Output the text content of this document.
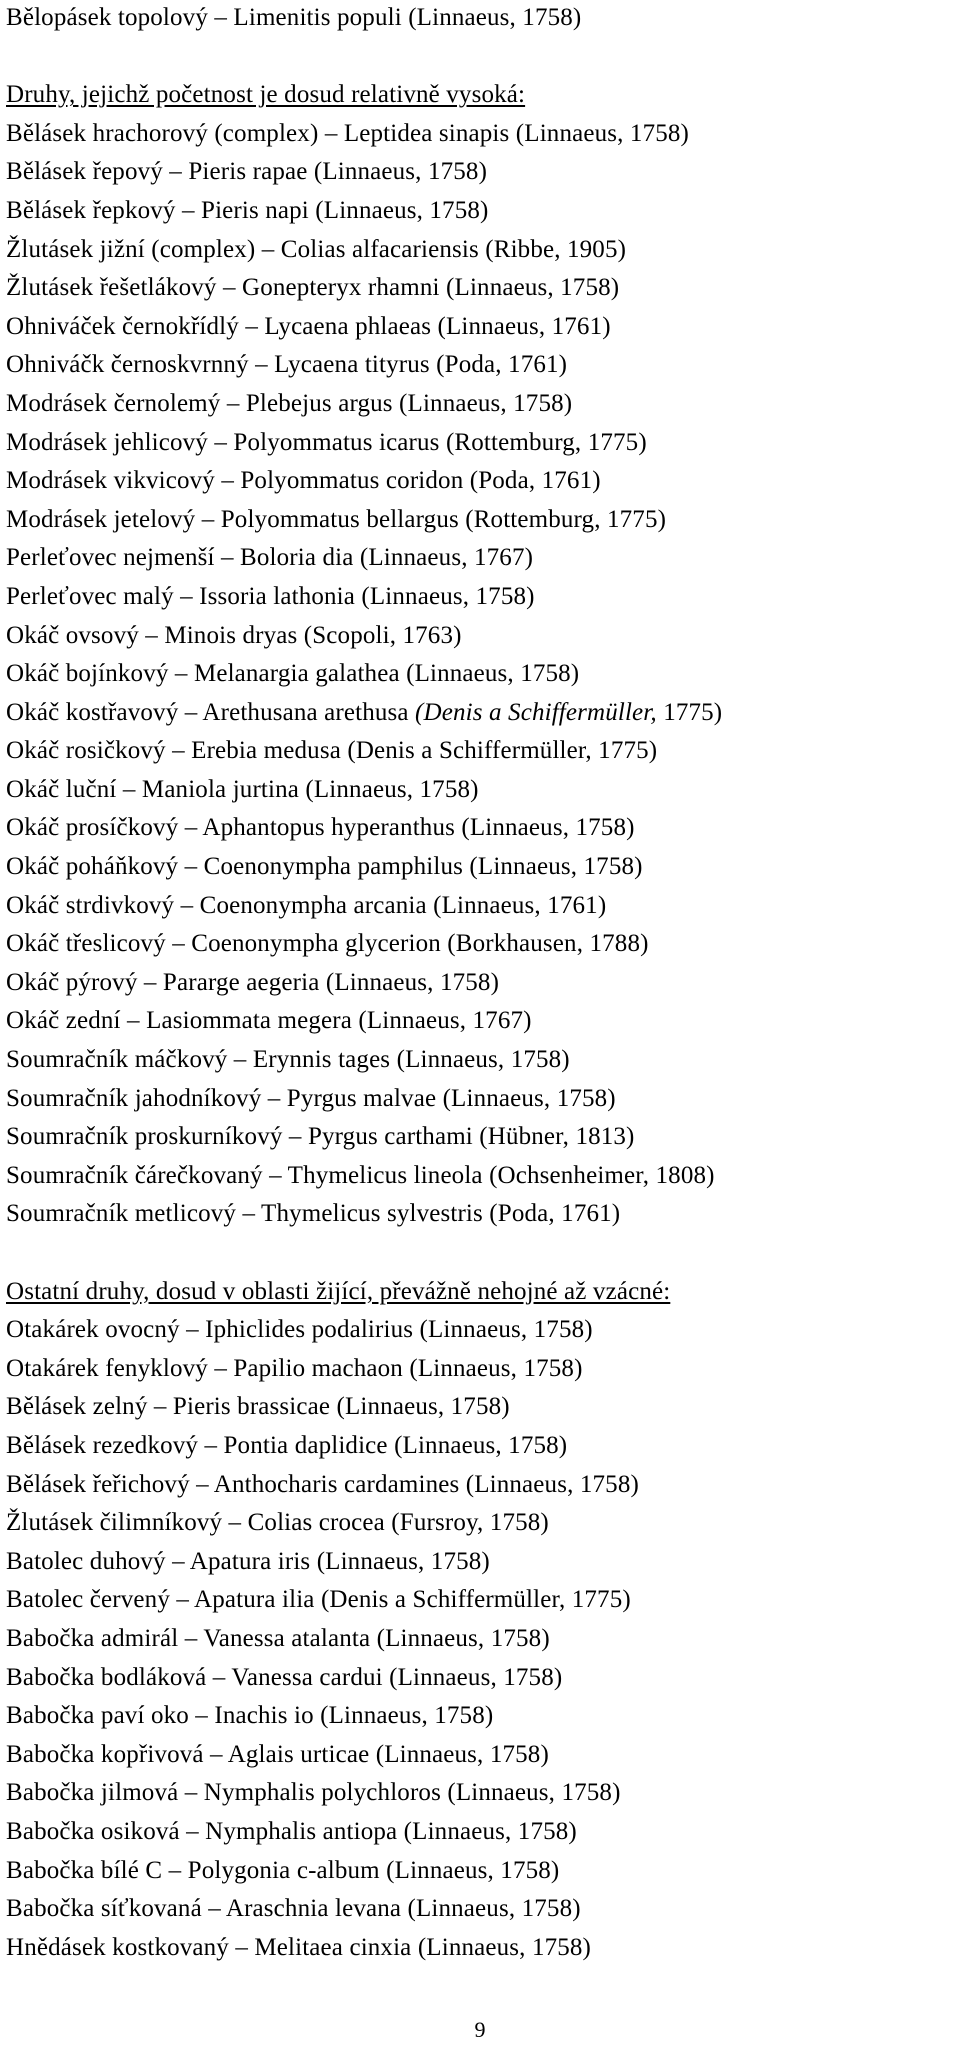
Bělopásek topolový – Limenitis populi (Linnaeus, 1758)
Druhy, jejichž početnost je dosud relativně vysoká:
Bělásek hrachorový (complex) – Leptidea sinapis (Linnaeus, 1758)
Bělásek řepový – Pieris rapae (Linnaeus, 1758)
Bělásek řepkový – Pieris napi (Linnaeus, 1758)
Žlutásek jižní (complex) – Colias alfacariensis (Ribbe, 1905)
Žlutásek řešetlákový – Gonepteryx rhamni (Linnaeus, 1758)
Ohniváček černokřídlý – Lycaena phlaeas (Linnaeus, 1761)
Ohniváčk černoskvrnný – Lycaena tityrus (Poda, 1761)
Modrásek černolemý – Plebejus argus (Linnaeus, 1758)
Modrásek jehlicový – Polyommatus icarus (Rottemburg, 1775)
Modrásek vikvicový – Polyommatus coridon (Poda, 1761)
Modrásek jetelový – Polyommatus bellargus (Rottemburg, 1775)
Perleťovec nejmenší – Boloria dia (Linnaeus, 1767)
Perleťovec malý – Issoria lathonia (Linnaeus, 1758)
Okáč ovsový – Minois dryas (Scopoli, 1763)
Okáč bojínkový – Melanargia galathea (Linnaeus, 1758)
Okáč kostřavový – Arethusana arethusa (Denis a Schiffermüller, 1775)
Okáč rosičkový – Erebia medusa (Denis a Schiffermüller, 1775)
Okáč luční – Maniola jurtina (Linnaeus, 1758)
Okáč prosíčkový – Aphantopus hyperanthus (Linnaeus, 1758)
Okáč poháňkový – Coenonympha pamphilus (Linnaeus, 1758)
Okáč strdivkový – Coenonympha arcania (Linnaeus, 1761)
Okáč třeslicový – Coenonympha glycerion (Borkhausen, 1788)
Okáč pýrový – Pararge aegeria (Linnaeus, 1758)
Okáč zední – Lasiommata megera (Linnaeus, 1767)
Soumračník máčkový – Erynnis tages (Linnaeus, 1758)
Soumračník jahodníkový – Pyrgus malvae (Linnaeus, 1758)
Soumračník proskurníkový – Pyrgus carthami (Hübner, 1813)
Soumračník čárečkovaný – Thymelicus lineola (Ochsenheimer, 1808)
Soumračník metlicový – Thymelicus sylvestris (Poda, 1761)
Ostatní druhy, dosud v oblasti žijící, převážně nehojné až vzácné:
Otakárek ovocný – Iphiclides podalirius (Linnaeus, 1758)
Otakárek fenyklový – Papilio machaon (Linnaeus, 1758)
Bělásek zelný – Pieris brassicae (Linnaeus, 1758)
Bělásek rezedkový – Pontia daplidice (Linnaeus, 1758)
Bělásek řeřichový – Anthocharis cardamines (Linnaeus, 1758)
Žlutásek čilimníkový – Colias crocea (Fursroy, 1758)
Batolec duhový – Apatura iris (Linnaeus, 1758)
Batolec červený – Apatura ilia (Denis a Schiffermüller, 1775)
Babočka admirál – Vanessa atalanta (Linnaeus, 1758)
Babočka bodláková – Vanessa cardui (Linnaeus, 1758)
Babočka paví oko – Inachis io (Linnaeus, 1758)
Babočka kopřivová – Aglais urticae (Linnaeus, 1758)
Babočka jilmová – Nymphalis polychloros (Linnaeus, 1758)
Babočka osiková – Nymphalis antiopa (Linnaeus, 1758)
Babočka bílé C – Polygonia c-album (Linnaeus, 1758)
Babočka síťkovaná – Araschnia levana (Linnaeus, 1758)
Hnědásek kostkovaný – Melitaea cinxia (Linnaeus, 1758)
9
